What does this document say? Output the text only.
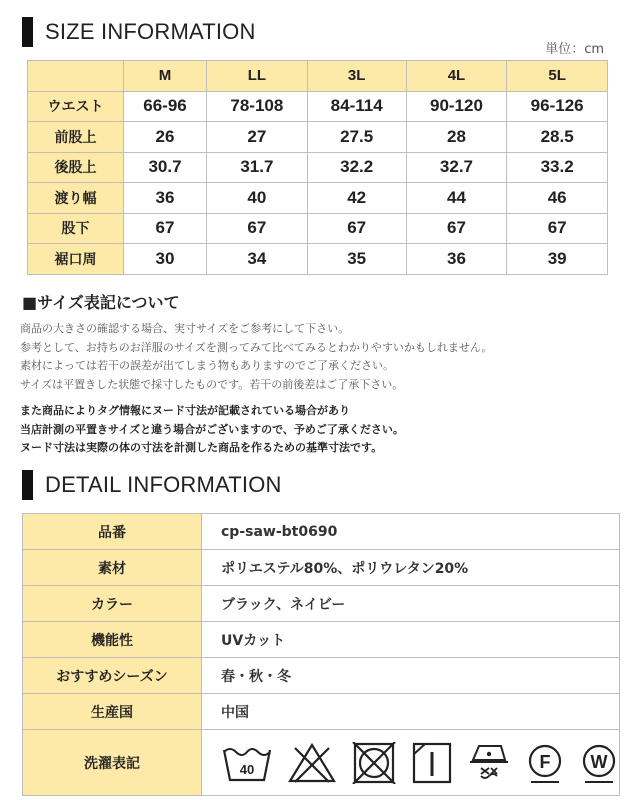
SIZE INFORMATION
単位：cm
	M	LL	3L	4L	5L
ウエスト	66-96	78-108	84-114	90-120	96-126
前股上	26	27	27.5	28	28.5
後股上	30.7	31.7	32.2	32.7	33.2
渡り幅	36	40	42	44	46
股下	67	67	67	67	67
裾口周	30	34	35	36	39
■サイズ表記について
商品の大きさの確認する場合、実寸サイズをご参考にして下さい。
参考として、お持ちのお洋服のサイズを測ってみて比べてみるとわかりやすいかもしれません。
素材によっては若干の誤差が出てしまう物もありますのでご了承ください。
サイズは平置きした状態で採寸したものです。若干の前後差はご了承下さい。
また商品によりタグ情報にヌード寸法が記載されている場合があり
当店計測の平置きサイズと違う場合がございますので、予めご了承ください。
ヌード寸法は実際の体の寸法を計測した商品を作るための基準寸法です。
DETAIL INFORMATION
品番	cp-saw-bt0690
素材	ポリエステル80%、ポリウレタン20%
カラー	ブラック、ネイビー
機能性	UVカット
おすすめシーズン	春・秋・冬
生産国	中国
洗濯表記	40 F W
